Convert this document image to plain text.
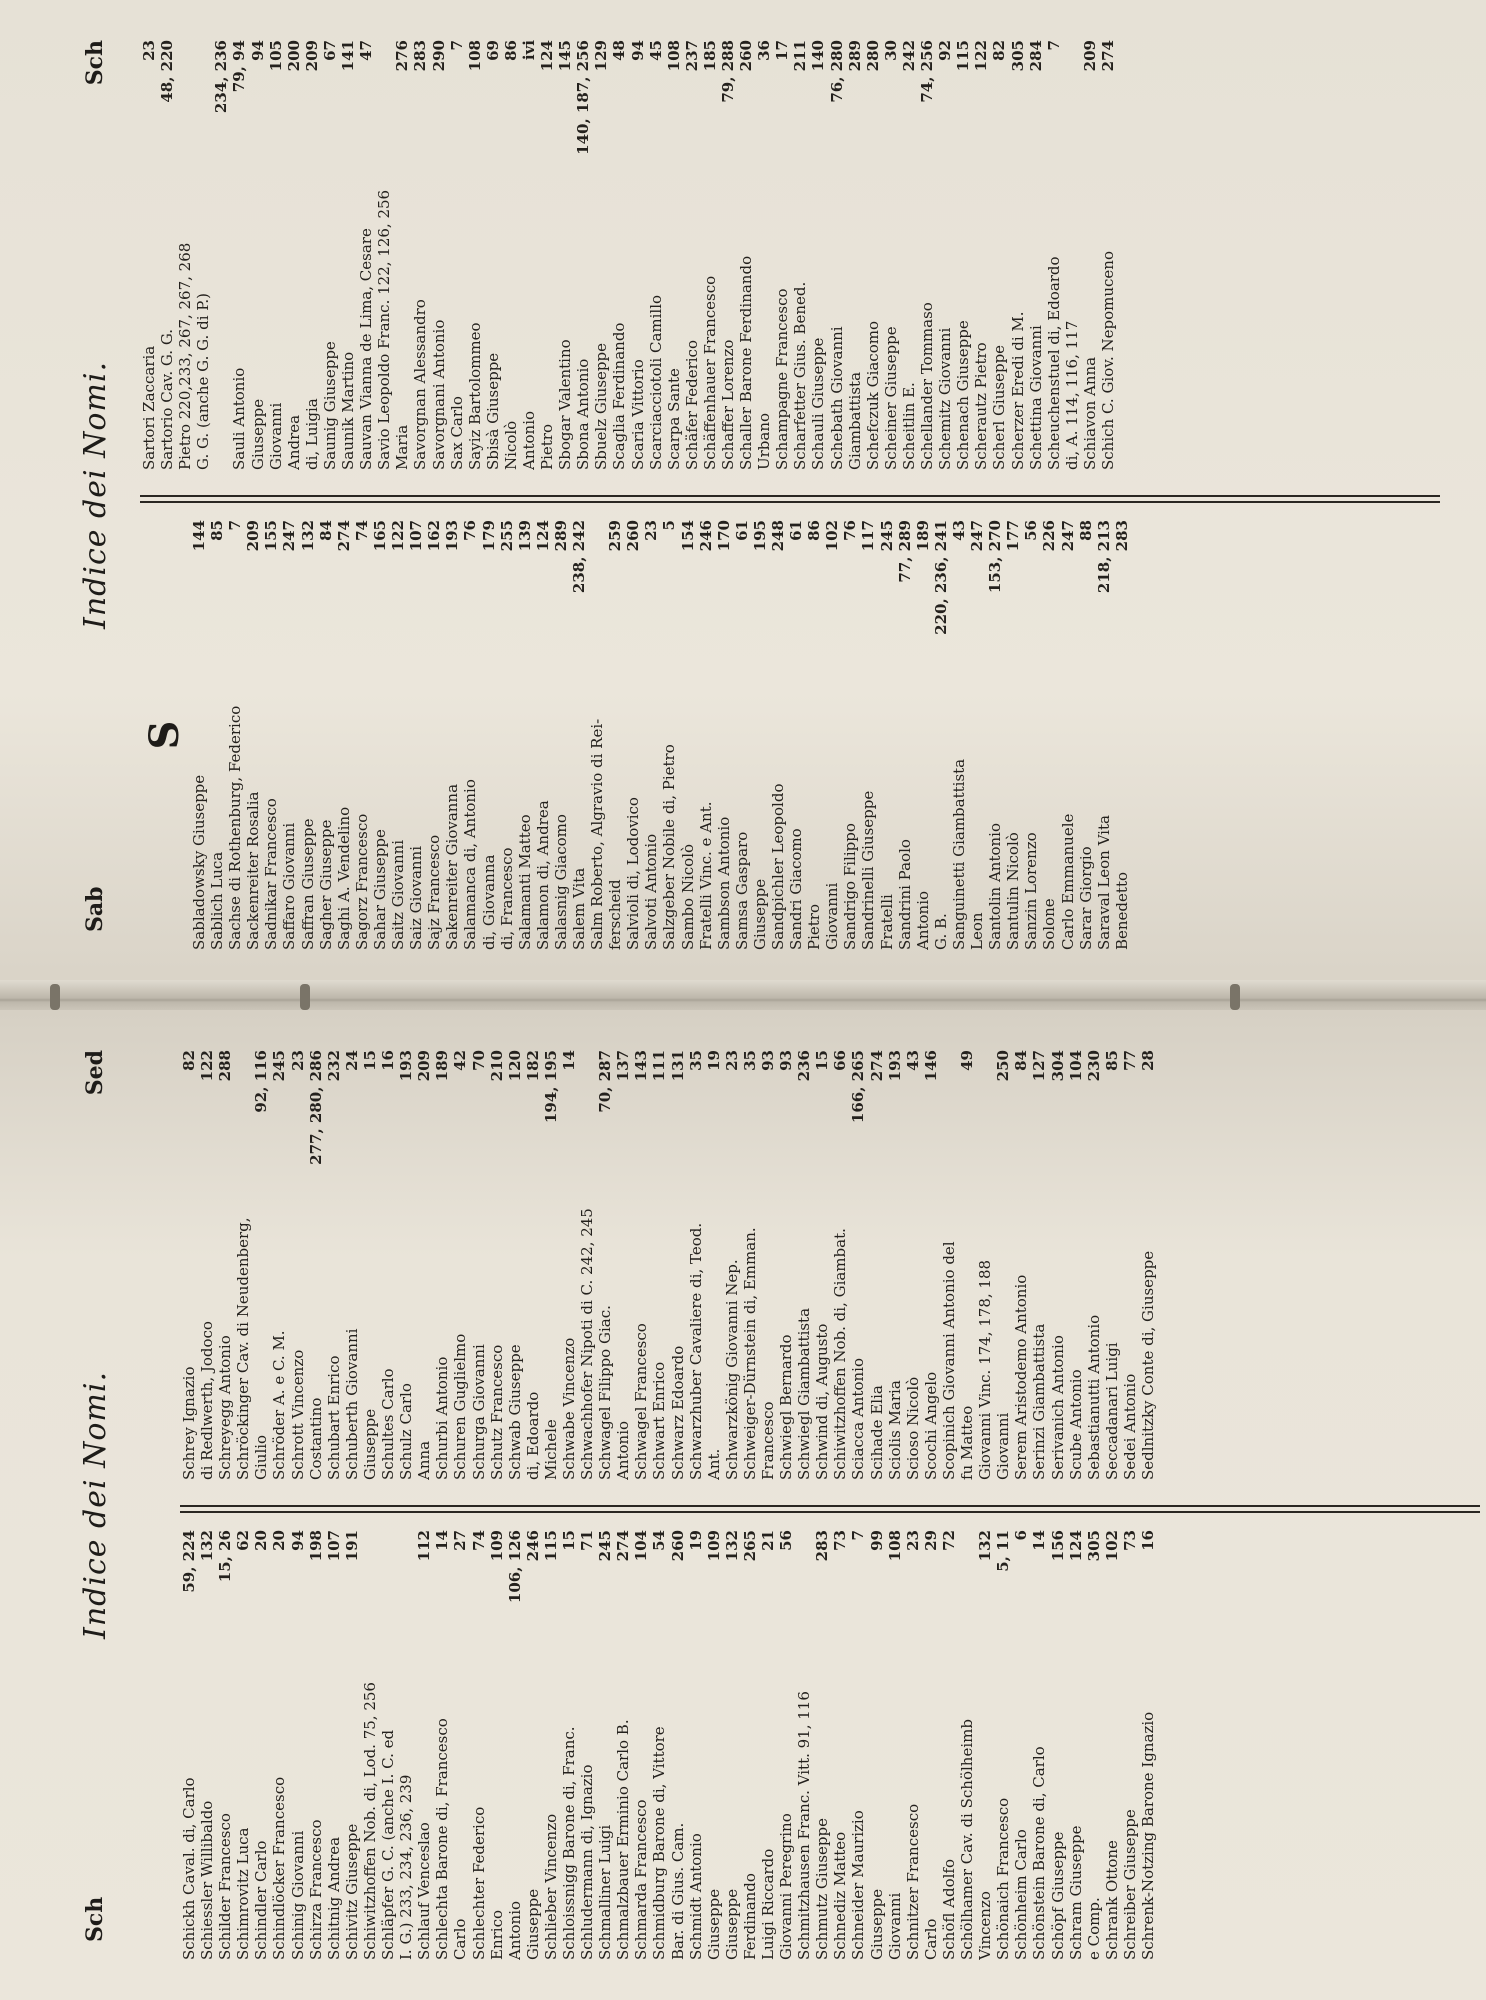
Sab
Indice dei Nomi.
Sch
S
Sabladowsky Giuseppe
144
Sablich Luca
85
Sachse di Rothenburg, Federico
7
Sackenreiter Rosalia
209
Sadnikar Francesco
155
Saffaro Giovanni
247
Saffran Giuseppe
132
Sagher Giuseppe
84
Saghi A. Vendelino
274
Sagorz Francesco
74
Sahar Giuseppe
165
Saitz Giovanni
122
Saiz Giovanni
107
Sajz Francesco
162
Sakenreiter Giovanna
193
Salamanca di, Antonio
76
di, Giovanna
179
di, Francesco
255
Salamanti Matteo
139
Salamon di, Andrea
124
Salasnig Giacomo
289
Salem Vita
238, 242
Salm Roberto, Algravio di Rei- ferscheid
259
Salvioli di, Lodovico
260
Salvoti Antonio
23
Salzgeber Nobile di, Pietro
5
Sambo Nicolò
154
Fratelli Vinc. e Ant.
246
Sambson Antonio
170
Samsa Gasparo
61
Giuseppe
195
Sandpichler Leopoldo
248
Sandri Giacomo
61
Pietro
86
Giovanni
102
Sandrigo Filippo
76
Sandrinelli Giuseppe
117
Fratelli
245
Sandrini Paolo
77, 289
Antonio
189
G. B.
220, 236, 241
Sanguinetti Giambattista
43
Leon
247
Santolin Antonio
153, 270
Santulin Nicolò
177
Sanzin Lorenzo
56
Solone
226
Carlo Emmanuele
247
Sarar Giorgio
88
Saraval Leon Vita
218, 213
Benedetto
283
Sartori Zaccaria
23
Sartorio Cav. G. G.
48, 220
Pietro 220,233, 267, 267, 268 G. G. (anche G. G. di P.)
234, 236
Sauli Antonio
79, 94
Giuseppe
94
Giovanni
105
Andrea
200
di, Luigia
209
Saunig Giuseppe
67
Saunik Martino
141
Sauvan Vianna de Lima, Cesare
47
Savio Leopoldo Franc. 122, 126, 256 Maria
276
Savorgnan Alessandro
283
Savorgnani Antonio
290
Sax Carlo
7
Sayiz Bartolommeo
108
Sbisà Giuseppe
69
Nicolò
86
Antonio
ivi
Pietro
124
Sbogar Valentino
145
Sbona Antonio
140, 187, 256
Sbuelz Giuseppe
129
Scaglia Ferdinando
48
Scaria Vittorio
94
Scarciacciotoli Camillo
45
Scarpa Sante
108
Schäfer Federico
237
Schäffenhauer Francesco
185
Schaffer Lorenzo
79, 288
Schaller Barone Ferdinando
260
Urbano
36
Schampagne Francesco
17
Scharfetter Gius. Bened.
211
Schauli Giuseppe
140
Schebath Giovanni
76, 280
Giambattista
289
Schefczuk Giacomo
280
Scheiner Giuseppe
30
Scheitlin E.
242
Schellander Tommaso
74, 256
Schemitz Giovanni
92
Schenach Giuseppe
115
Scherautz Pietro
122
Scherl Giuseppe
82
Scherzer Eredi di M.
305
Schettina Giovanni
284
Scheuchenstuel di, Edoardo
7
di, A. 114, 116, 117 Schiavon Anna
209
Schich C. Giov. Nepomuceno
274
Sch
Indice dei Nomi.
Sed
Schickh Caval. di, Carlo
59, 224
Schiessler Willibaldo
132
Schilder Francesco
15, 26
Schimrovitz Luca
62
Schindler Carlo
20
Schindlöcker Francesco
20
Schinig Giovanni
94
Schirza Francesco
198
Schitnig Andrea
107
Schivitz Giuseppe
191
Schiwitzhoffen Nob. di, Lod. 75, 256 Schläpfer G. C. (anche I. C. ed I. G.) 233, 234, 236, 239 Schlauf Venceslao
112
Schlechta Barone di, Francesco
14
Carlo
27
Schlechter Federico
74
Enrico
109
Antonio
106, 126
Giuseppe
246
Schlieber Vincenzo
115
Schloissnigg Barone di, Franc.
15
Schludermann di, Ignazio
71
Schmalliner Luigi
245
Schmalzbauer Erminio Carlo B.
274
Schmarda Francesco
104
Schmidburg Barone di, Vittore
54
Bar. di Gius. Cam.
260
Schmidt Antonio
19
Giuseppe
109
Giuseppe
132
Ferdinando
265
Luigi Riccardo
21
Giovanni Peregrino
56
Schmitzhausen Franc. Vitt. 91, 116 Schmutz Giuseppe
283
Schnediz Matteo
73
Schneider Maurizio
7
Giuseppe
99
Giovanni
108
Schnitzer Francesco
23
Carlo
29
Schöfl Adolfo
72
Schölhamer Cav. di Schölheimb Vincenzo
132
Schönaich Francesco
5, 11
Schönheim Carlo
6
Schönstein Barone di, Carlo
14
Schöpf Giuseppe
156
Schram Giuseppe
124
e Comp.
305
Schrank Ottone
102
Schreiber Giuseppe
73
Schrenk-Notzing Barone Ignazio
16
Schrey Ignazio
82
di Redlwerth, Jodoco
122
Schreyegg Antonio
288
Schröckinger Cav. di Neudenberg, Giulio
92, 116
Schröder A. e C. M.
245
Schrott Vincenzo
23
Costantino
277, 280, 286
Schubart Enrico
232
Schuberth Giovanni
24
Giuseppe
15
Schultes Carlo
16
Schulz Carlo
193
Anna
209
Schurbi Antonio
189
Schuren Guglielmo
42
Schurga Giovanni
70
Schutz Francesco
210
Schwab Giuseppe
120
di, Edoardo
182
Michele
194, 195
Schwabe Vincenzo
14
Schwachhofer Nipoti di C. 242, 245 Schwagel Filippo Giac.
70, 287
Antonio
137
Schwagel Francesco
143
Schwart Enrico
111
Schwarz Edoardo
131
Schwarzhuber Cavaliere di, Teod.
35
Ant.
19
Schwarzkönig Giovanni Nep.
23
Schweiger-Dürnstein di, Emman.
35
Francesco
93
Schwiegl Bernardo
93
Schwiegl Giambattista
236
Schwind di, Augusto
15
Schiwitzhoffen Nob. di, Giambat.
66
Sciacca Antonio
166, 265
Scihade Elia
274
Sciolis Maria
193
Scioso Nicolò
43
Scochi Angelo
146
Scopinich Giovanni Antonio del fu Matteo
49
Giovanni Vinc. 174, 178, 188 Giovanni
250
Serem Aristodemo Antonio
84
Serinzi Giambattista
127
Serivanich Antonio
304
Scube Antonio
104
Sebastianutti Antonio
230
Seccadanari Luigi
85
Sedei Antonio
77
Sedlnitzky Conte di, Giuseppe
28
